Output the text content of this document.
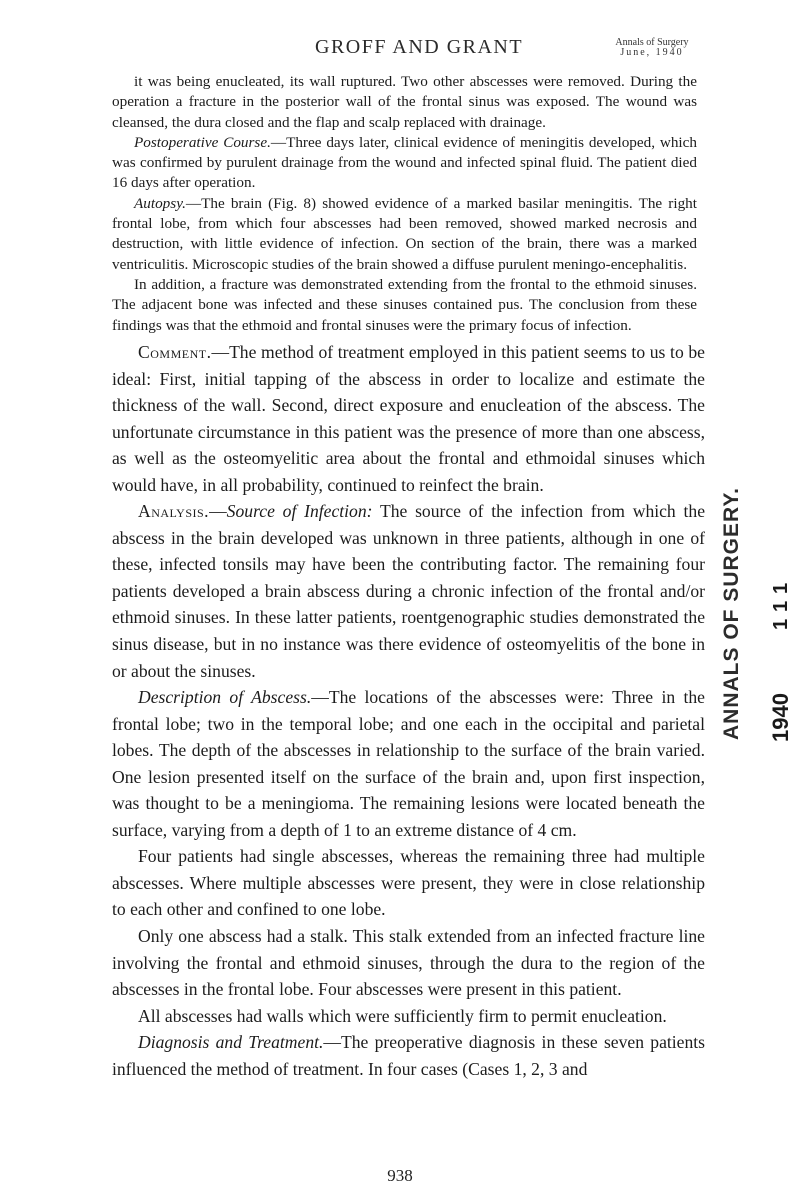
GROFF AND GRANT	Annals of Surgery
June, 1940

it was being enucleated, its wall ruptured. Two other abscesses were removed. During the operation a fracture in the posterior wall of the frontal sinus was exposed. The wound was cleansed, the dura closed and the flap and scalp replaced with drainage.

Postoperative Course.—Three days later, clinical evidence of meningitis developed, which was confirmed by purulent drainage from the wound and infected spinal fluid. The patient died 16 days after operation.

Autopsy.—The brain (Fig. 8) showed evidence of a marked basilar meningitis. The right frontal lobe, from which four abscesses had been removed, showed marked necrosis and destruction, with little evidence of infection. On section of the brain, there was a marked ventriculitis. Microscopic studies of the brain showed a diffuse purulent meningo-encephalitis.

In addition, a fracture was demonstrated extending from the frontal to the ethmoid sinuses. The adjacent bone was infected and these sinuses contained pus. The conclusion from these findings was that the ethmoid and frontal sinuses were the primary focus of infection.

Comment.—The method of treatment employed in this patient seems to us to be ideal: First, initial tapping of the abscess in order to localize and estimate the thickness of the wall. Second, direct exposure and enucleation of the abscess. The unfortunate circumstance in this patient was the presence of more than one abscess, as well as the osteomyelitic area about the frontal and ethmoidal sinuses which would have, in all probability, continued to reinfect the brain.

Analysis.—Source of Infection: The source of the infection from which the abscess in the brain developed was unknown in three patients, although in one of these, infected tonsils may have been the contributing factor. The remaining four patients developed a brain abscess during a chronic infection of the frontal and/or ethmoid sinuses. In these latter patients, roentgenographic studies demonstrated the sinus disease, but in no instance was there evidence of osteomyelitis of the bone in or about the sinuses.

Description of Abscess.—The locations of the abscesses were: Three in the frontal lobe; two in the temporal lobe; and one each in the occipital and parietal lobes. The depth of the abscesses in relationship to the surface of the brain varied. One lesion presented itself on the surface of the brain and, upon first inspection, was thought to be a meningioma. The remaining lesions were located beneath the surface, varying from a depth of 1 to an extreme distance of 4 cm.

Four patients had single abscesses, whereas the remaining three had multiple abscesses. Where multiple abscesses were present, they were in close relationship to each other and confined to one lobe.

Only one abscess had a stalk. This stalk extended from an infected fracture line involving the frontal and ethmoid sinuses, through the dura to the region of the abscesses in the frontal lobe. Four abscesses were present in this patient.

All abscesses had walls which were sufficiently firm to permit enucleation.

Diagnosis and Treatment.—The preoperative diagnosis in these seven patients influenced the method of treatment. In four cases (Cases 1, 2, 3 and

938
ANNALS OF SURGERY. 111
1940
